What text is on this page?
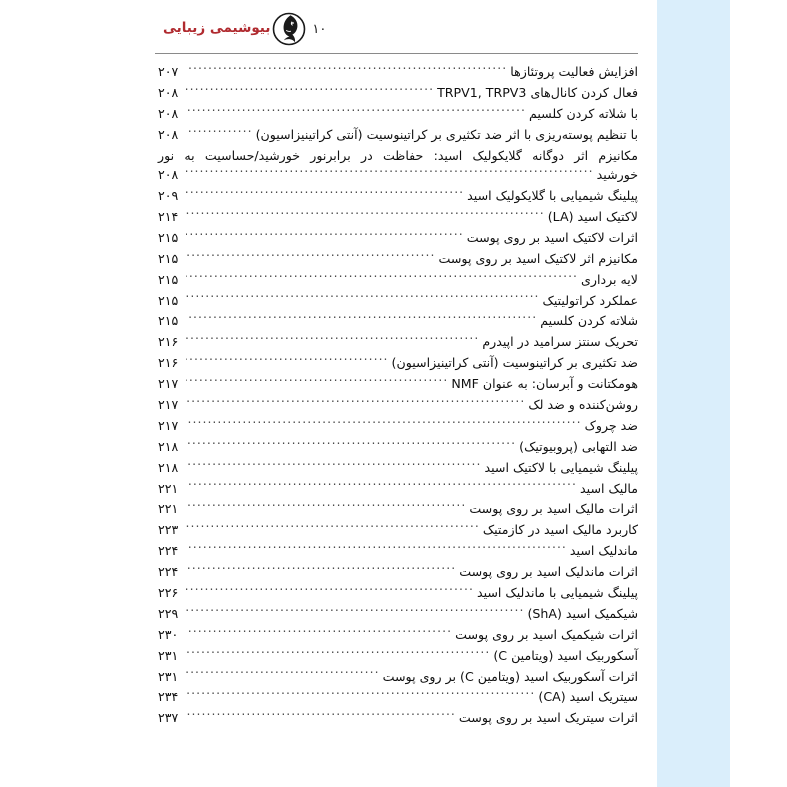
بیوشیمی زیبایی	۱۰
افزایش فعالیت پروتئازها
.....
۲۰۷
فعال کردن کانال‌های TRPV1, TRPV3
.....
۲۰۸
با شلاته کردن کلسیم
.....
۲۰۸
با تنظیم پوسته‌ریزی با اثر ضد تکثیری بر کراتینوسیت (آنتی کراتینیزاسیون)
.....
۲۰۸
مکانیزم اثر دوگانه گلایکولیک اسید: حفاظت در برابرنور خورشید/حساسیت به نور
خورشید
.....
۲۰۸
پیلینگ شیمیایی با گلایکولیک اسید
.....
۲۰۹
لاکتیک اسید (LA)
.....
۲۱۴
اثرات لاکتیک اسید بر روی پوست
.....
۲۱۵
مکانیزم اثر لاکتیک اسید بر روی پوست
.....
۲۱۵
لایه برداری
.....
۲۱۵
عملکرد کراتولیتیک
.....
۲۱۵
شلاته کردن کلسیم
.....
۲۱۵
تحریک سنتز سرامید در اپیدرم
.....
۲۱۶
ضد تکثیری بر کراتینوسیت (آنتی کراتینیزاسیون)
.....
۲۱۶
هومکتانت و آبرسان: به عنوان NMF
.....
۲۱۷
روشن‌کننده و ضد لک
.....
۲۱۷
ضد چروک
.....
۲۱۷
ضد التهابی (پروبیوتیک)
.....
۲۱۸
پیلینگ شیمیایی با لاکتیک اسید
.....
۲۱۸
مالیک اسید
.....
۲۲۱
اثرات مالیک اسید بر روی پوست
.....
۲۲۱
کاربرد مالیک اسید در کازمتیک
.....
۲۲۳
ماندلیک اسید
.....
۲۲۴
اثرات ماندلیک اسید بر روی پوست
.....
۲۲۴
پیلینگ شیمیایی با ماندلیک اسید
.....
۲۲۶
شیکمیک اسید (ShA)
.....
۲۲۹
اثرات شیکمیک اسید بر روی پوست
.....
۲۳۰
آسکوربیک اسید (ویتامین C)
.....
۲۳۱
اثرات آسکوربیک اسید (ویتامین C) بر روی پوست
.....
۲۳۱
سیتریک اسید (CA)
.....
۲۳۴
اثرات سیتریک اسید بر روی پوست
.....
۲۳۷
